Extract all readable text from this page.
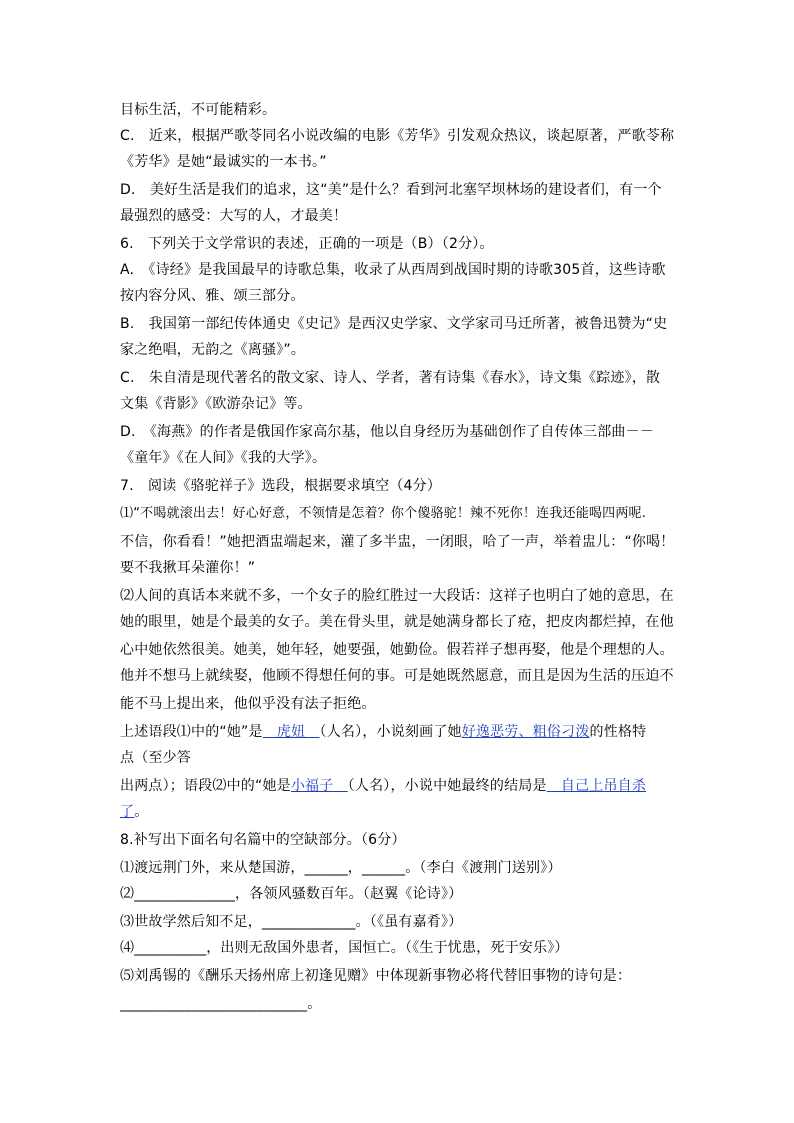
目标生活，不可能精彩。
C.　近来，根据严歌苓同名小说改编的电影《芳华》引发观众热议，谈起原著，严歌苓称
《芳华》是她“最诚实的一本书。”
D.　美好生活是我们的追求，这“美”是什么？看到河北塞罕坝林场的建设者们，有一个
最强烈的感受：大写的人，才最美！
6.　下列关于文学常识的表述，正确的一项是（B）（2分）。
A.　《诗经》是我国最早的诗歌总集，收录了从西周到战国时期的诗歌305首，这些诗歌
按内容分风、雅、颂三部分。
B.　我国第一部纪传体通史《史记》是西汉史学家、文学家司马迁所著，被鲁迅赞为“史
家之绝唱，无韵之《离骚》”。
C.　朱自清是现代著名的散文家、诗人、学者，著有诗集《春水》，诗文集《踪迹》，散
文集《背影》《欧游杂记》等。
D.　《海燕》的作者是俄国作家高尔基，他以自身经历为基础创作了自传体三部曲－－
《童年》《在人间》《我的大学》。
7.　阅读《骆驼祥子》选段，根据要求填空（4分）
⑴“不喝就滚出去！好心好意，不领情是怎着？你个傻骆驼！辣不死你！连我还能喝四两呢.
不信，你看看！”她把酒盅端起来，灌了多半盅，一闭眼，哈了一声，举着盅儿：“你喝！
要不我揪耳朵灌你！”
⑵人间的真话本来就不多，一个女子的脸红胜过一大段话：这祥子也明白了她的意思，在
她的眼里，她是个最美的女子。美在骨头里，就是她满身都长了疮，把皮肉都烂掉，在他
心中她依然很美。她美，她年轻，她要强，她勤俭。假若祥子想再娶，他是个理想的人。
他并不想马上就续娶，他顾不得想任何的事。可是她既然愿意，而且是因为生活的压迫不
能不马上提出来，他似乎没有法子拒绝。
上述语段⑴中的“她”是　虎妞　（人名），小说刻画了她好逸恶劳、粗俗刁泼的性格特
点（至少答
出两点）；语段⑵中的“她是小福子　（人名），小说中她最终的结局是　自己上吊自杀
了。
8.补写出下面名句名篇中的空缺部分。（6分）
⑴渡远荆门外，来从楚国游，______，______。（李白《渡荆门送别》）
⑵______________，各领风骚数百年。（赵翼《论诗》）
⑶世故学然后知不足，_____________。（《虽有嘉肴》）
⑷__________，出则无敌国外患者，国恒亡。（《生于忧患，死于安乐》）
⑸刘禹锡的《酬乐天扬州席上初逢见赠》中体现新事物必将代替旧事物的诗句是：
__________________________。
